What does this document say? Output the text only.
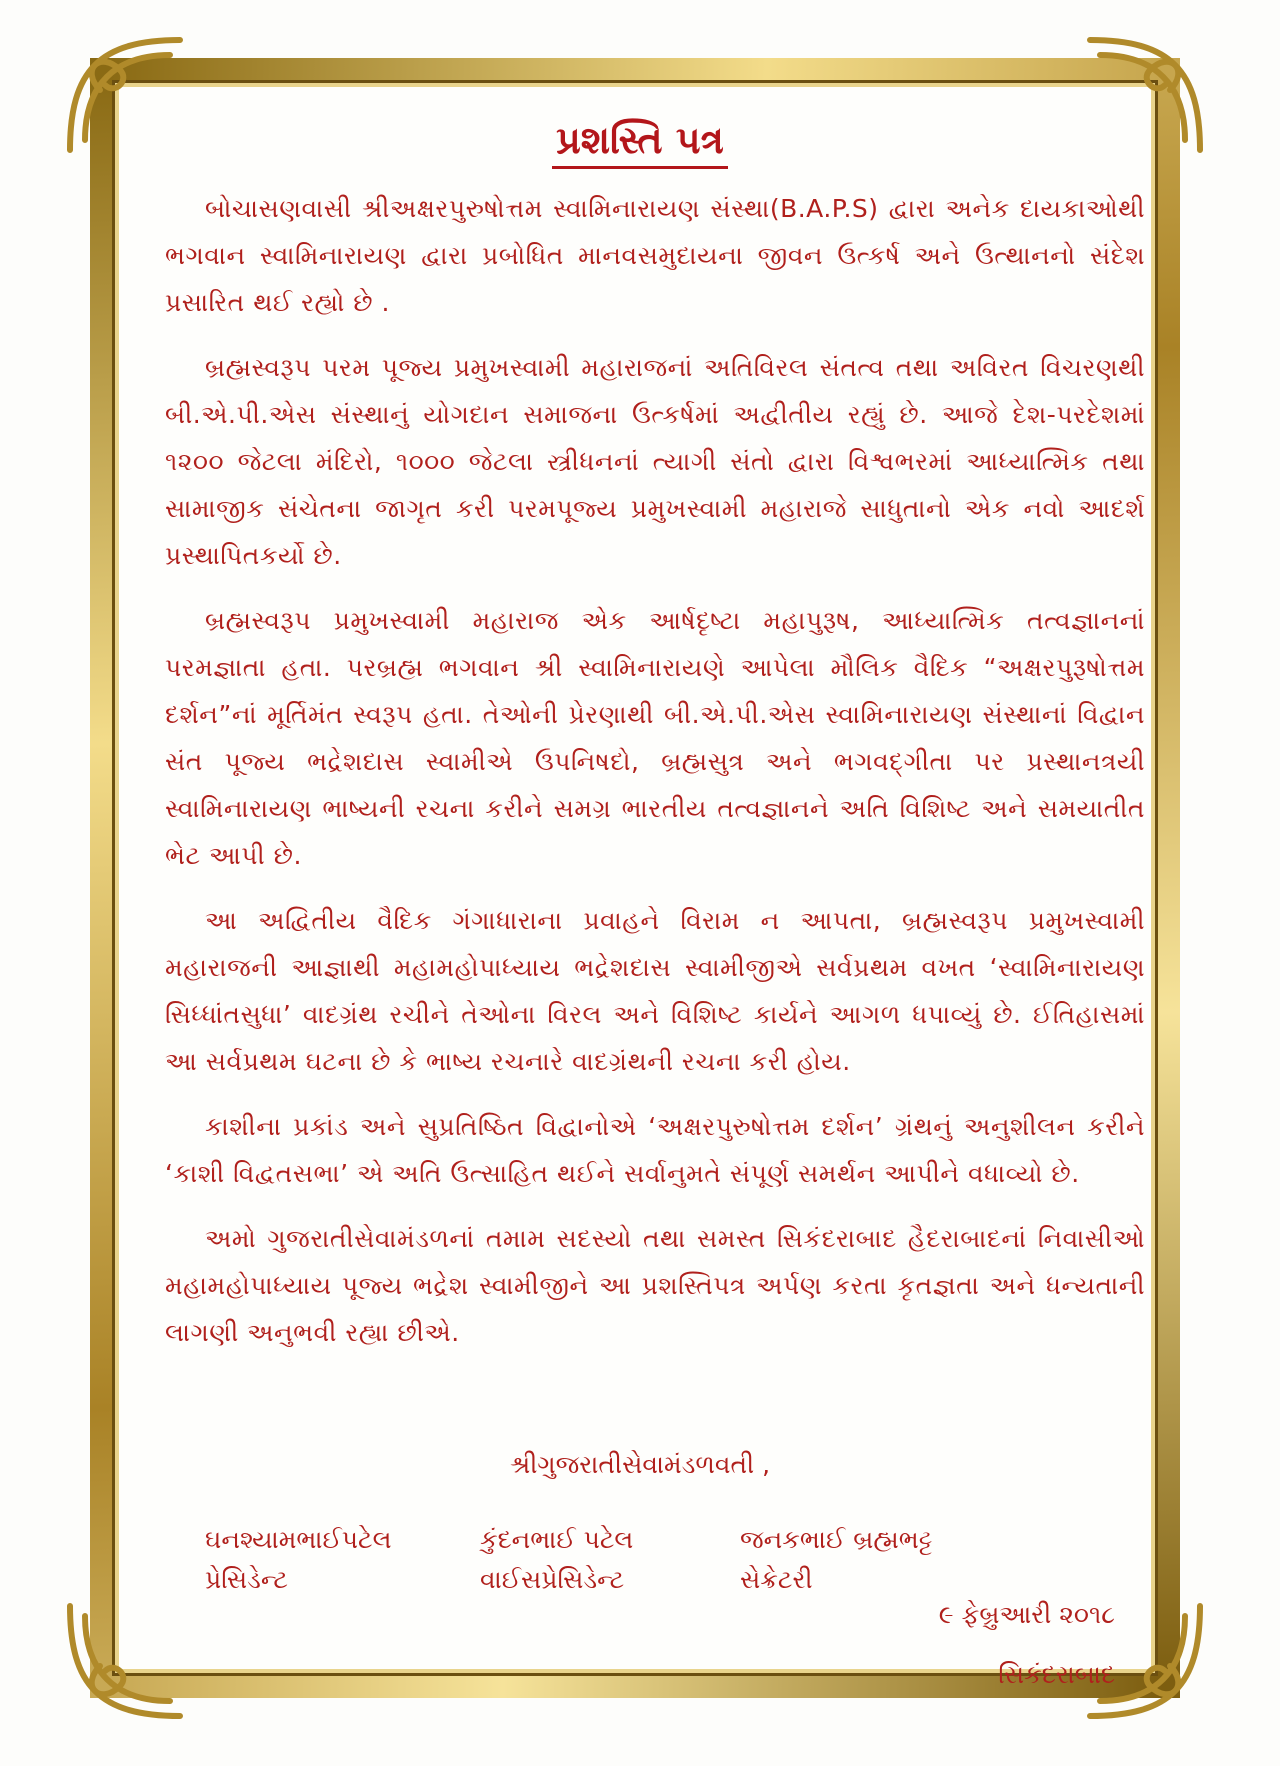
પ્રશસ્તિ પત્ર

બોચાસણવાસી શ્રીઅક્ષરપુરુષોત્તમ સ્વામિનારાયણ સંસ્થા(B.A.P.S) દ્વારા અનેક દાયકાઓથી ભગવાન સ્વામિનારાયણ દ્વારા પ્રબોધિત માનવસમુદાયના જીવન ઉત્કર્ષ અને ઉત્થાનનો સંદેશ પ્રસારિત થઈ રહ્યો છે .

બ્રહ્મસ્વરૂપ પરમ પૂજ્ય પ્રમુખસ્વામી મહારાજનાં અતિવિરલ સંતત્વ તથા અવિરત વિચરણથી બી.એ.પી.એસ સંસ્થાનું યોગદાન સમાજના ઉત્કર્ષમાં અદ્વીતીય રહ્યું છે. આજે દેશ-પરદેશમાં ૧૨૦૦ જેટલા મંદિરો, ૧૦૦૦ જેટલા સ્ત્રીધનનાં ત્યાગી સંતો દ્વારા વિશ્વભરમાં આધ્યાત્મિક તથા સામાજીક સંચેતના જાગૃત કરી પરમપૂજ્ય પ્રમુખસ્વામી મહારાજે સાધુતાનો એક નવો આદર્શ પ્રસ્થાપિતકર્યો છે.

બ્રહ્મસ્વરૂપ પ્રમુખસ્વામી મહારાજ એક આર્ષદૃષ્ટા મહાપુરૂષ, આધ્યાત્મિક તત્વજ્ઞાનનાં પરમજ્ઞાતા હતા. પરબ્રહ્મ ભગવાન શ્રી સ્વામિનારાયણે આપેલા મૌલિક વૈદિક “અક્ષરપુરૂષોત્તમ દર્શન”નાં મૂર્તિમંત સ્વરૂપ હતા. તેઓની પ્રેરણાથી બી.એ.પી.એસ સ્વામિનારાયણ સંસ્થાનાં વિદ્વાન સંત પૂજ્ય ભદ્રેશદાસ સ્વામીએ ઉપનિષદો, બ્રહ્મસુત્ર અને ભગવદ્ગીતા પર પ્રસ્થાનત્રયી સ્વામિનારાયણ ભાષ્યની રચના કરીને સમગ્ર ભારતીય તત્વજ્ઞાનને અતિ વિશિષ્ટ અને સમયાતીત ભેટ આપી છે.

આ અદ્વિતીય વૈદિક ગંગાધારાના પ્રવાહને વિરામ ન આપતા, બ્રહ્મસ્વરૂપ પ્રમુખસ્વામી મહારાજની આજ્ઞાથી મહામહોપાધ્યાય ભદ્રેશદાસ સ્વામીજીએ સર્વપ્રથમ વખત ‘સ્વામિનારાયણ સિધ્ધાંતસુધા’ વાદગ્રંથ રચીને તેઓના વિરલ અને વિશિષ્ટ કાર્યને આગળ ધપાવ્યું છે. ઈતિહાસમાં આ સર્વપ્રથમ ઘટના છે કે ભાષ્ય રચનારે વાદગ્રંથની રચના કરી હોય.

કાશીના પ્રકાંડ અને સુપ્રતિષ્ઠિત વિદ્વાનોએ ‘અક્ષરપુરુષોત્તમ દર્શન’ ગ્રંથનું અનુશીલન કરીને ‘કાશી વિદ્વતસભા’ એ અતિ ઉત્સાહિત થઈને સર્વાનુમતે સંપૂર્ણ સમર્થન આપીને વધાવ્યો છે.

અમો ગુજરાતીસેવામંડળનાં તમામ સદસ્યો તથા સમસ્ત સિકંદરાબાદ હૈદરાબાદનાં નિવાસીઓ મહામહોપાધ્યાય પૂજ્ય ભદ્રેશ સ્વામીજીને આ પ્રશસ્તિપત્ર અર્પણ કરતા કૃતજ્ઞતા અને ધન્યતાની લાગણી અનુભવી રહ્યા છીએ.

શ્રીગુજરાતીસેવામંડળવતી ,
ઘનશ્યામભાઈપટેલ
પ્રેસિડેન્ટ
કુંદનભાઈ પટેલ
વાઈસપ્રેસિડેન્ટ
જનકભાઈ બ્રહ્મભટ્ટ
સેક્રેટરી
૯ ફેબ્રુઆરી ૨૦૧૮
સિકંદરાબાદ
